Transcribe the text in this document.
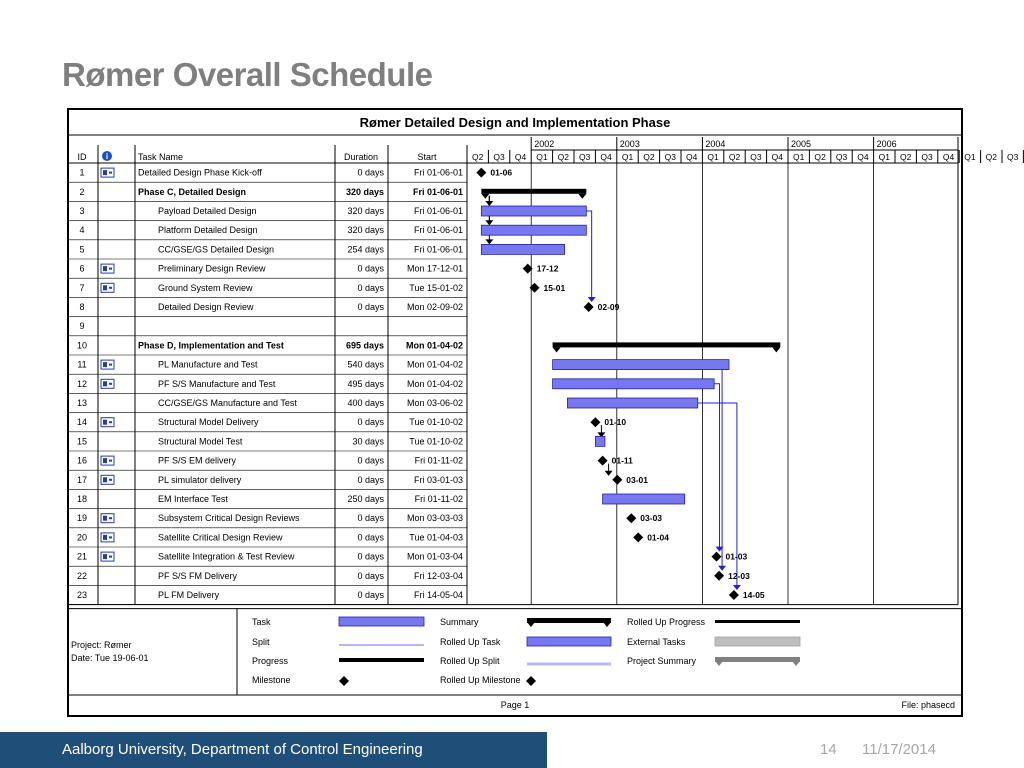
Rømer Overall Schedule
Rømer Detailed Design and Implementation Phase
ID i	Task Name	Duration	Start
2002	2003	2004	2005	2006
Q2 Q3 Q4 Q1 Q2 Q3 Q4 Q1 Q2 Q3 Q4 Q1 Q2 Q3 Q4 Q1 Q2 Q3 Q4 Q1 Q2 Q3 Q4 Q1 Q2 Q3
1	Detailed Design Phase Kick-off	0 days	Fri 01-06-01
2	Phase C, Detailed Design	320 days	Fri 01-06-01
3	Payload Detailed Design	320 days	Fri 01-06-01
4	Platform Detailed Design	320 days	Fri 01-06-01
5	CC/GSE/GS Detailed Design	254 days	Fri 01-06-01
6	Preliminary Design Review	0 days	Mon 17-12-01
7	Ground System Review	0 days	Tue 15-01-02
8	Detailed Design Review	0 days	Mon 02-09-02
9
10	Phase D, Implementation and Test	695 days Mon 01-04-02
11	PL Manufacture and Test	540 days	Mon 01-04-02
12	PF S/S Manufacture and Test	495 days	Mon 01-04-02
13	CC/GSE/GS Manufacture and Test	400 days	Mon 03-06-02
14	Structural Model Delivery	0 days	Tue 01-10-02
15	Structural Model Test	30 days	Tue 01-10-02
16	PF S/S EM delivery	0 days	Fri 01-11-02
17	PL simulator delivery	0 days	Fri 03-01-03
18	EM Interface Test	250 days	Fri 01-11-02
19	Subsystem Critical Design Reviews	0 days	Mon 03-03-03
20	Satellite Critical Design Review	0 days	Tue 01-04-03
21	Satellite Integration & Test Review	0 days	Mon 01-03-04
22	PF S/S FM Delivery	0 days	Fri 12-03-04
23	PL FM Delivery	0 days	Fri 14-05-04
01-06
17-12
15-01
02-09
01-10
01-11
03-01
03-03
01-04
01-03
12-03
14-05
Project: Rømer
Date: Tue 19-06-01
Task
Split
Progress
Milestone
Summary
Rolled Up Task
Rolled Up Split
Rolled Up Milestone
Rolled Up Progress
External Tasks
Project Summary
Page 1	File: phasecd
Aalborg University, Department of Control Engineering	14 11/17/2014
